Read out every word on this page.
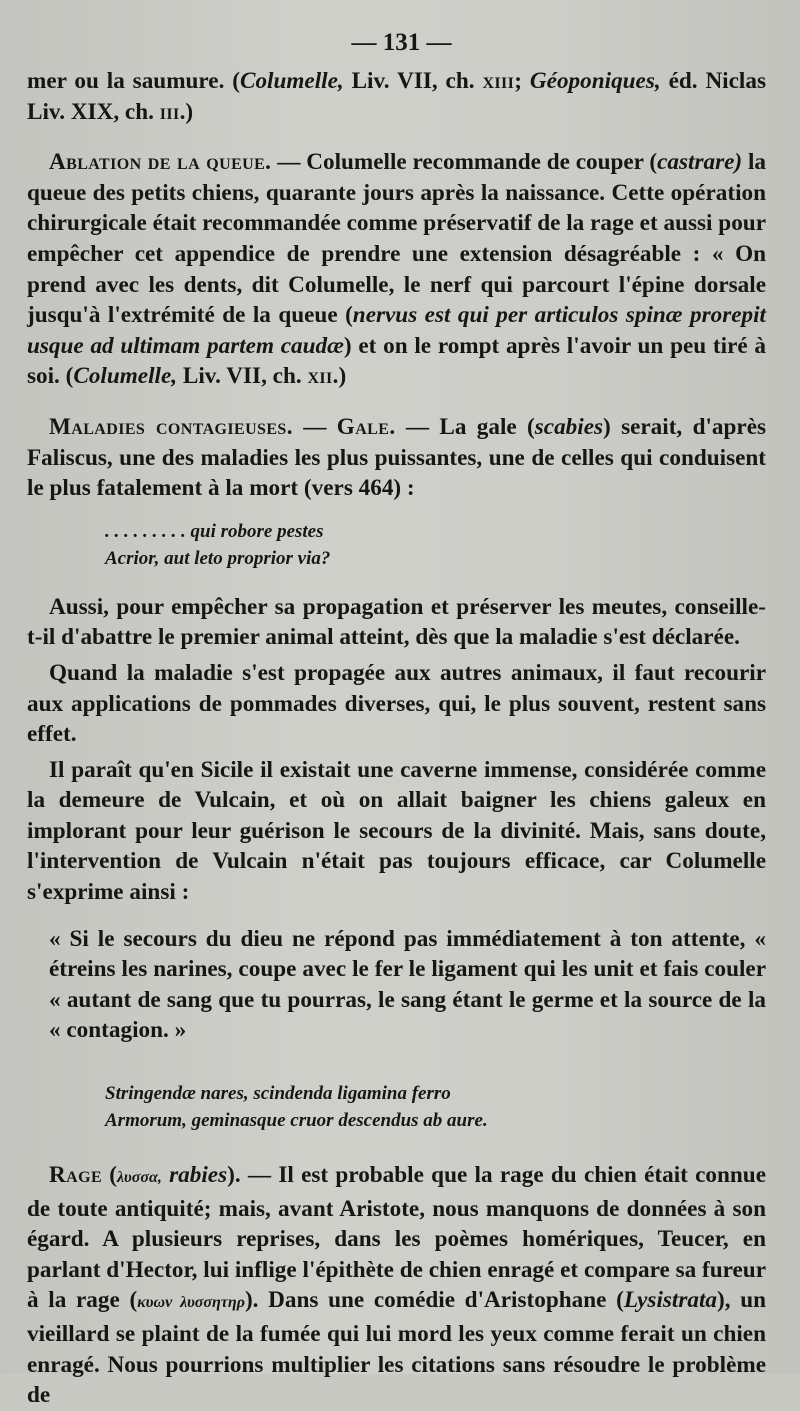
— 131 —

mer ou la saumure. (Columelle, Liv. VII, ch. xiii; Géoponiques, éd. Niclas Liv. XIX, ch. iii.)

Ablation de la queue. — Columelle recommande de couper (castrare) la queue des petits chiens, quarante jours après la naissance. Cette opération chirurgicale était recommandée comme préservatif de la rage et aussi pour empêcher cet appendice de prendre une extension désagréable : « On prend avec les dents, dit Columelle, le nerf qui parcourt l'épine dorsale jusqu'à l'extrémité de la queue (nervus est qui per articulos spinæ prorepit usque ad ultimam partem caudæ) et on le rompt après l'avoir un peu tiré à soi. (Columelle, Liv. VII, ch. xii.)

Maladies contagieuses. — Gale. — La gale (scabies) serait, d'après Faliscus, une des maladies les plus puissantes, une de celles qui conduisent le plus fatalement à la mort (vers 464) :

. . . . . . . . . qui robore pestes
Acrior, aut leto proprior via?

Aussi, pour empêcher sa propagation et préserver les meutes, conseille-t-il d'abattre le premier animal atteint, dès que la maladie s'est déclarée.

Quand la maladie s'est propagée aux autres animaux, il faut recourir aux applications de pommades diverses, qui, le plus souvent, restent sans effet.

Il paraît qu'en Sicile il existait une caverne immense, considérée comme la demeure de Vulcain, et où on allait baigner les chiens galeux en implorant pour leur guérison le secours de la divinité. Mais, sans doute, l'intervention de Vulcain n'était pas toujours efficace, car Columelle s'exprime ainsi :

« Si le secours du dieu ne répond pas immédiatement à ton attente, « étreins les narines, coupe avec le fer le ligament qui les unit et fais couler « autant de sang que tu pourras, le sang étant le germe et la source de la « contagion. »

Stringendæ nares, scindenda ligamina ferro
Armorum, geminasque cruor descendus ab aure.

Rage (λυσσα, rabies). — Il est probable que la rage du chien était connue de toute antiquité; mais, avant Aristote, nous manquons de données à son égard. A plusieurs reprises, dans les poèmes homériques, Teucer, en parlant d'Hector, lui inflige l'épithète de chien enragé et compare sa fureur à la rage (κυων λυσσητηρ). Dans une comédie d'Aristophane (Lysistrata), un vieillard se plaint de la fumée qui lui mord les yeux comme ferait un chien enragé. Nous pourrions multiplier les citations sans résoudre le problème de
